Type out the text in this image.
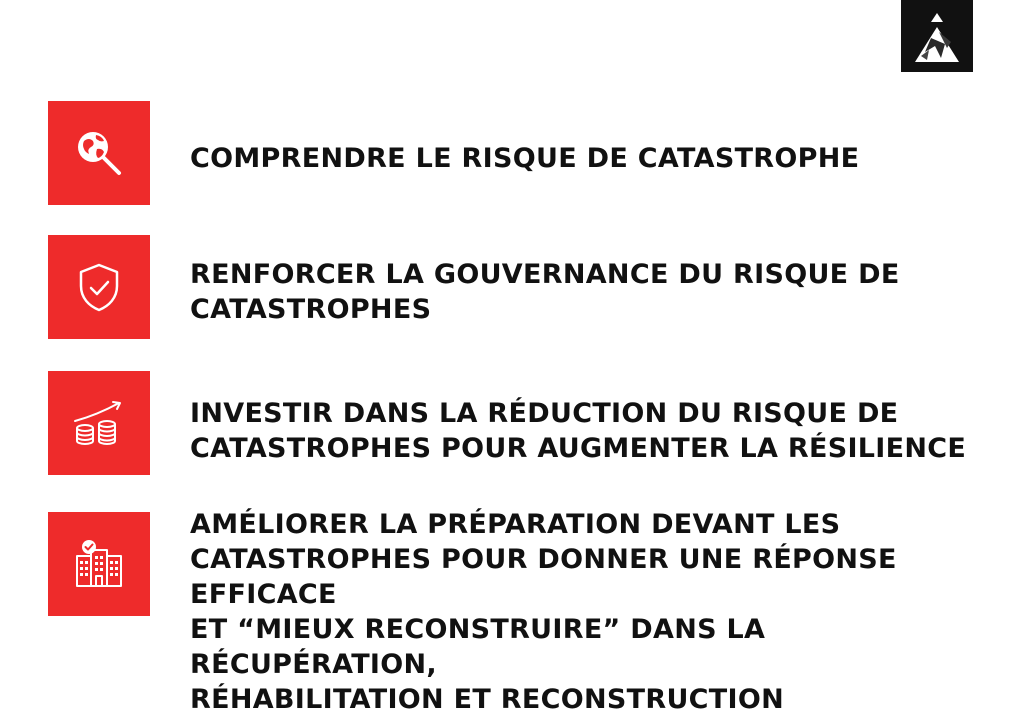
COMPRENDRE LE RISQUE DE CATASTROPHE
RENFORCER LA GOUVERNANCE DU RISQUE DE
CATASTROPHES
INVESTIR DANS LA RÉDUCTION DU RISQUE DE
CATASTROPHES POUR AUGMENTER LA RÉSILIENCE
AMÉLIORER LA PRÉPARATION DEVANT LES
CATASTROPHES POUR DONNER UNE RÉPONSE EFFICACE
ET “MIEUX RECONSTRUIRE” DANS LA RÉCUPÉRATION,
RÉHABILITATION ET RECONSTRUCTION
